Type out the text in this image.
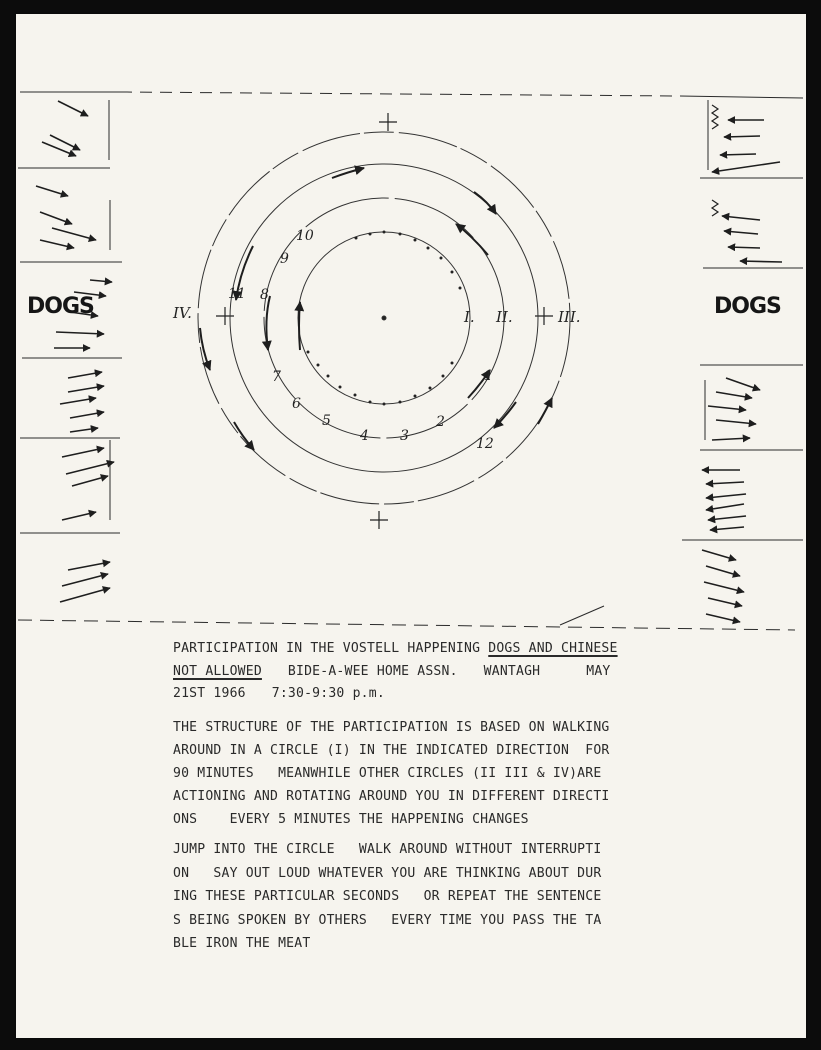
1
2
3
4
5
6
7
8
9
10
11
12
I. II.	III.
IV.
DOGS	DOGS

PARTICIPATION IN THE VOSTELL HAPPENING DOGS AND CHINESE

NOT ALLOWED BIDE-A-WEE HOME ASSN. WANTAGH	MAY

21ST 1966 7:30-9:30 p.m.

THE STRUCTURE OF THE PARTICIPATION IS BASED ON WALKING

AROUND IN A CIRCLE (I) IN THE INDICATED DIRECTION  FOR

90 MINUTES   MEANWHILE OTHER CIRCLES (II III & IV)ARE

ACTIONING AND ROTATING AROUND YOU IN DIFFERENT DIRECTI

ONS    EVERY 5 MINUTES THE HAPPENING CHANGES

JUMP INTO THE CIRCLE   WALK AROUND WITHOUT INTERRUPTI

ON   SAY OUT LOUD WHATEVER YOU ARE THINKING ABOUT DUR

ING THESE PARTICULAR SECONDS   OR REPEAT THE SENTENCE

S BEING SPOKEN BY OTHERS   EVERY TIME YOU PASS THE TA

BLE IRON THE MEAT
